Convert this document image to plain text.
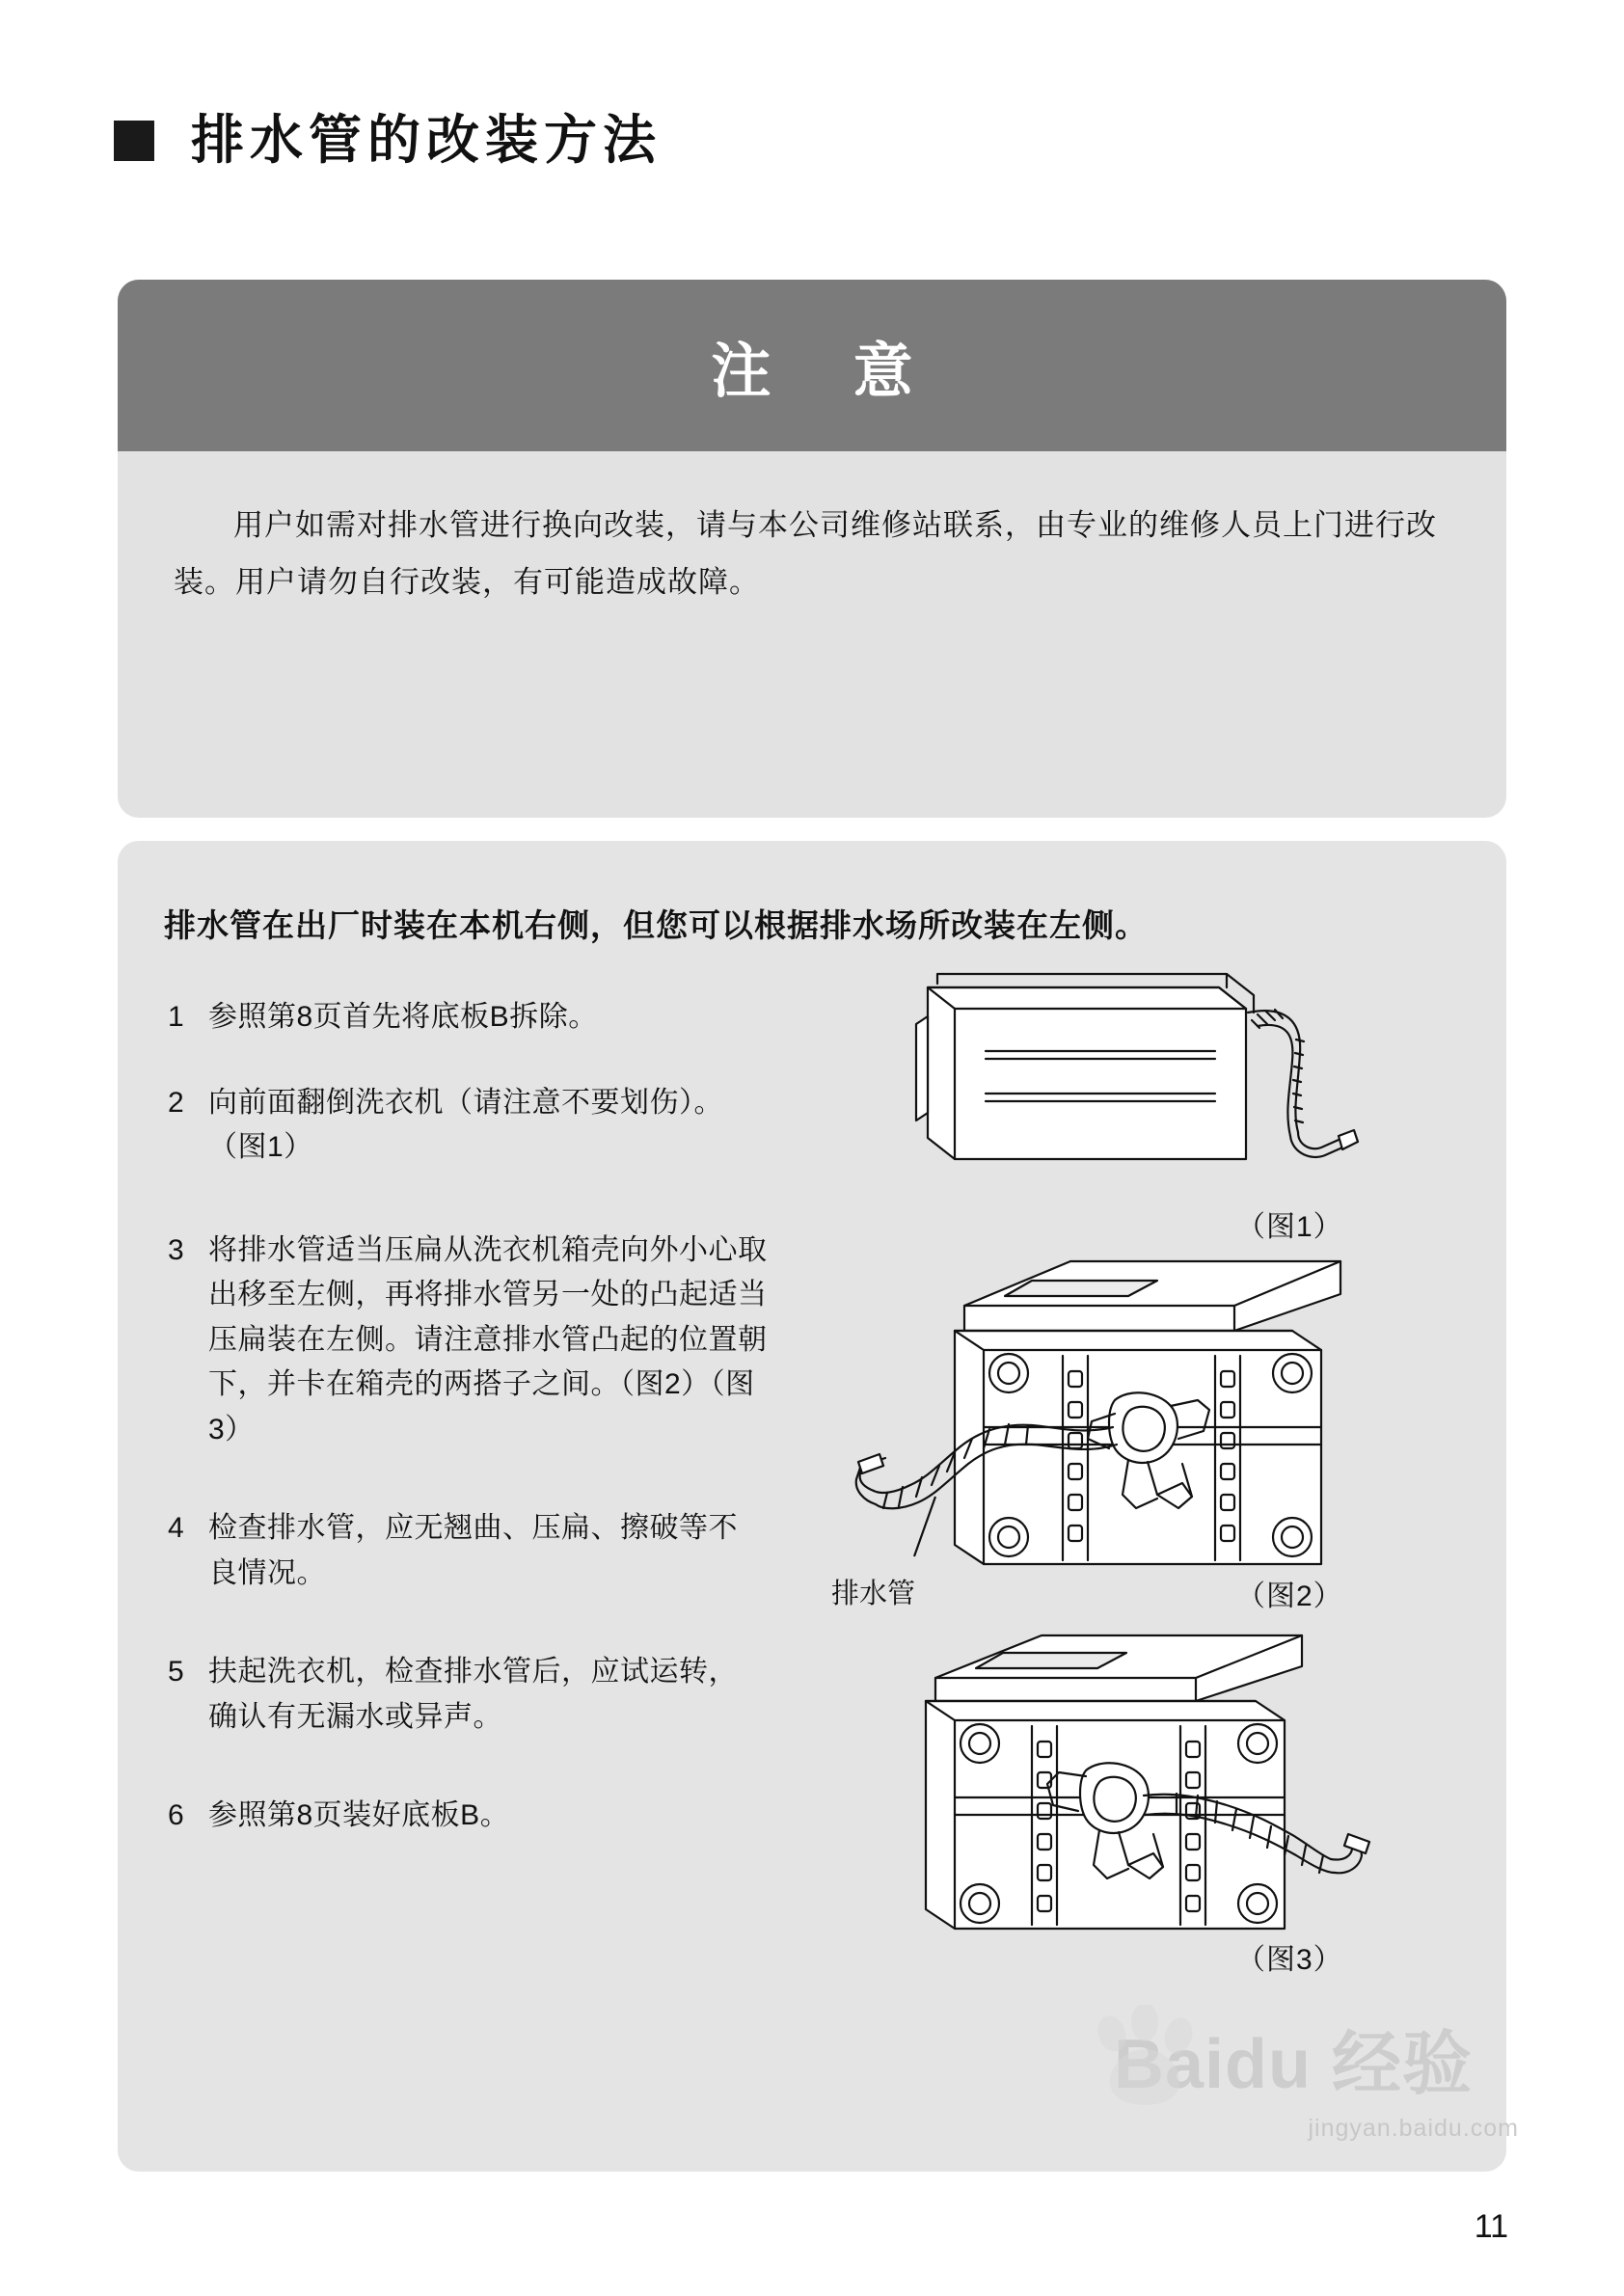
排水管的改装方法
注 意

用户如需对排水管进行换向改装，请与本公司维修站联系，由专业的维修人员上门进行改装。用户请勿自行改装，有可能造成故障。

排水管在出厂时装在本机右侧，但您可以根据排水场所改装在左侧。
1 参照第8页首先将底板B拆除。
2 向前面翻倒洗衣机（请注意不要划伤）。（图1）
3 将排水管适当压扁从洗衣机箱壳向外小心取出移至左侧，再将排水管另一处的凸起适当压扁装在左侧。请注意排水管凸起的位置朝下，并卡在箱壳的两搭子之间。（图2）（图3）
4 检查排水管，应无翘曲、压扁、擦破等不良情况。
5 扶起洗衣机，检查排水管后，应试运转，确认有无漏水或异声。
6 参照第8页装好底板B。
（图1）
排水管	（图2）
（图3）
Baidu 经验
jingyan.baidu.com
11
